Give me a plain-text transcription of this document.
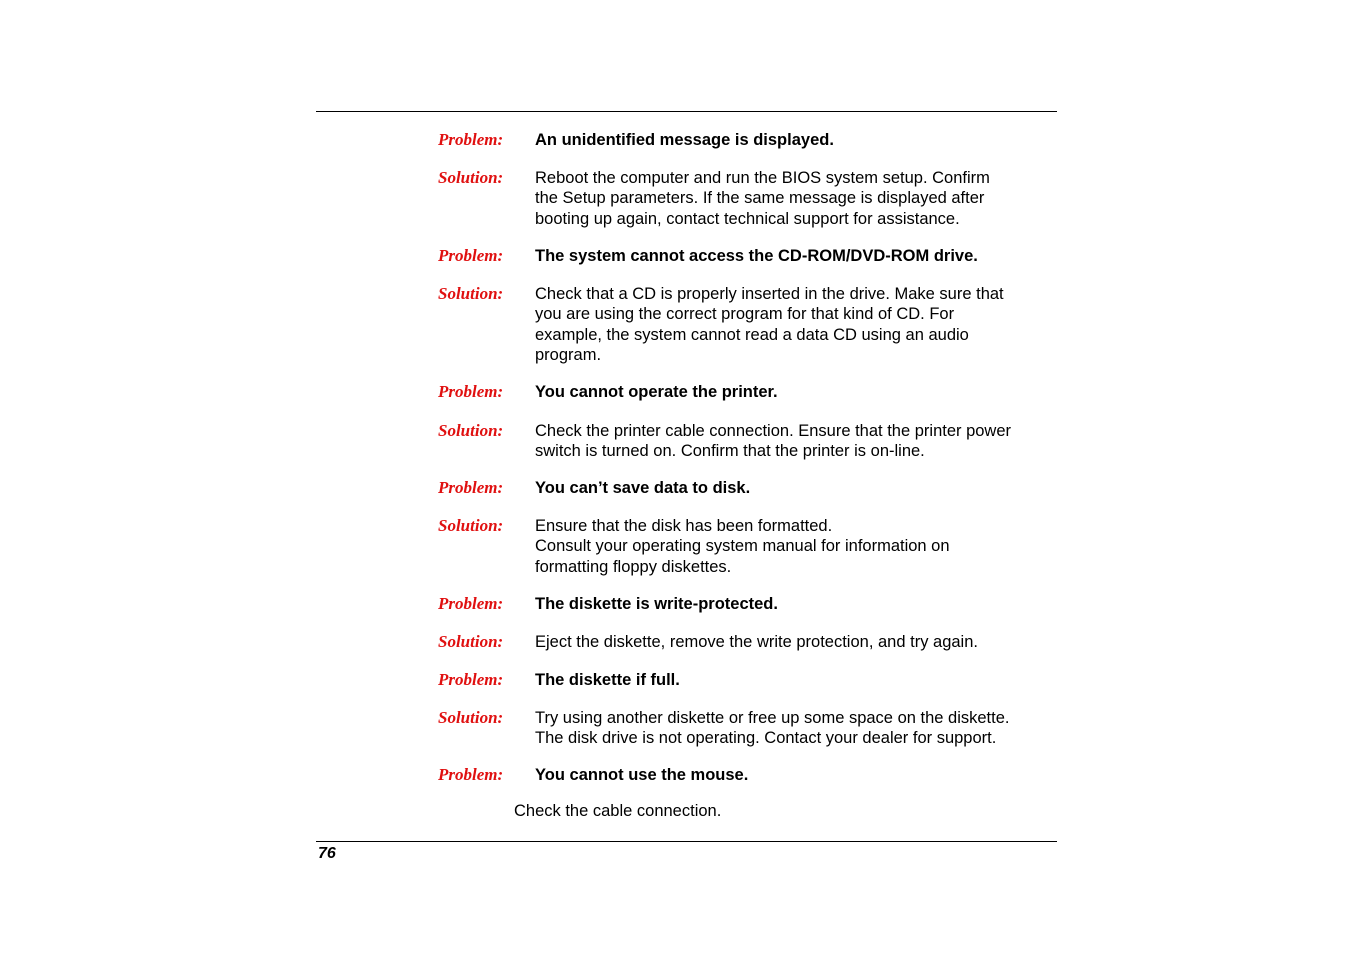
Problem: An unidentified message is displayed.
Solution: Reboot the computer and run the BIOS system setup. Confirm
the Setup parameters. If the same message is displayed after
booting up again, contact technical support for assistance.
Problem: The system cannot access the CD-ROM/DVD-ROM drive.
Solution: Check that a CD is properly inserted in the drive. Make sure that
you are using the correct program for that kind of CD. For
example, the system cannot read a data CD using an audio
program.
Problem: You cannot operate the printer.
Solution: Check the printer cable connection. Ensure that the printer power
switch is turned on. Confirm that the printer is on-line.
Problem: You can’t save data to disk.
Solution: Ensure that the disk has been formatted.
Consult your operating system manual for information on
formatting floppy diskettes.
Problem: The diskette is write-protected.
Solution: Eject the diskette, remove the write protection, and try again.
Problem: The diskette if full.
Solution: Try using another diskette or free up some space on the diskette.
The disk drive is not operating. Contact your dealer for support.
Problem: You cannot use the mouse.
Check the cable connection.
76
